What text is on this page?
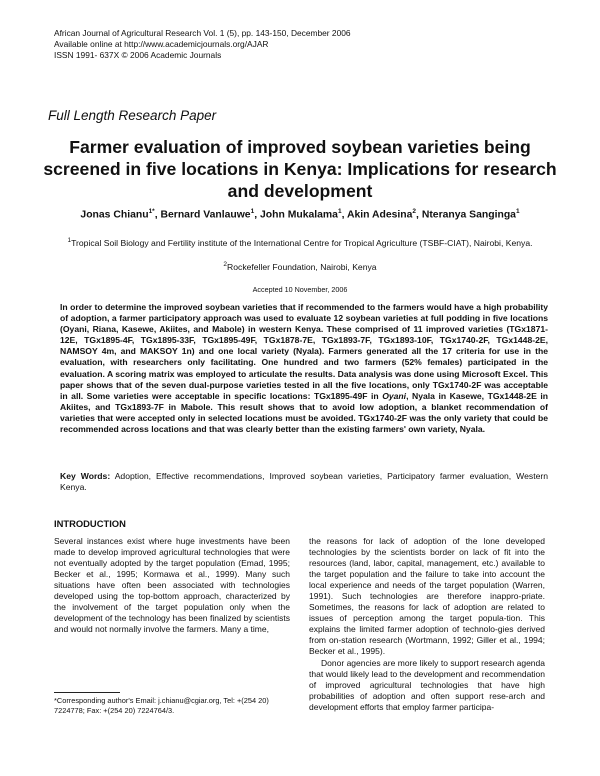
African Journal of Agricultural Research Vol. 1 (5), pp. 143-150, December 2006
Available online at http://www.academicjournals.org/AJAR
ISSN 1991- 637X © 2006 Academic Journals
Full Length Research Paper
Farmer evaluation of improved soybean varieties being screened in five locations in Kenya: Implications for research and development
Jonas Chianu$^{1*}$, Bernard Vanlauwe$^1$, John Mukalama$^1$, Akin Adesina$^2$, Nteranya Sanginga$^1$
$^1$Tropical Soil Biology and Fertility institute of the International Centre for Tropical Agriculture (TSBF-CIAT), Nairobi, Kenya.
$^2$Rockefeller Foundation, Nairobi, Kenya
Accepted 10 November, 2006

In order to determine the improved soybean varieties that if recommended to the farmers would have a high probability of adoption, a farmer participatory approach was used to evaluate 12 soybean varieties at full podding in five locations (Oyani, Riana, Kasewe, Akiites, and Mabole) in western Kenya. These comprised of 11 improved varieties (TGx1871-12E, TGx1895-4F, TGx1895-33F, TGx1895-49F, TGx1878-7E, TGx1893-7F, TGx1893-10F, TGx1740-2F, TGx1448-2E, NAMSOY 4m, and MAKSOY 1n) and one local variety (Nyala). Farmers generated all the 17 criteria for use in the evaluation, with researchers only facilitating. One hundred and two farmers (52% females) participated in the evaluation. A scoring matrix was employed to articulate the results. Data analysis was done using Microsoft Excel. This paper shows that of the seven dual-purpose varieties tested in all the five locations, only TGx1740-2F was acceptable in all. Some varieties were acceptable in specific locations: TGx1895-49F in Oyani, Nyala in Kasewe, TGx1448-2E in Akiites, and TGx1893-7F in Mabole. This result shows that to avoid low adoption, a blanket recommendation of varieties that were accepted only in selected locations must be avoided. TGx1740-2F was the only variety that could be recommended across locations and that was clearly better than the existing farmers' own variety, Nyala.

Key Words: Adoption, Effective recommendations, Improved soybean varieties, Participatory farmer evaluation, Western Kenya.

INTRODUCTION

Several instances exist where huge investments have been made to develop improved agricultural technologies that were not eventually adopted by the target population (Emad, 1995; Becker et al., 1995; Kormawa et al., 1999). Many such situations have often been associated with technologies developed using the top-bottom approach, characterized by the involvement of the target population only when the development of the technology has been finalized by scientists and would not normally involve the farmers. Many a time,

the reasons for lack of adoption of the lone developed technologies by the scientists border on lack of fit into the resources (land, labor, capital, management, etc.) available to the target population and the failure to take into account the local experience and needs of the target population (Warren, 1991). Such technologies are therefore inappro-priate. Sometimes, the reasons for lack of adoption are related to issues of perception among the target popula-tion. This explains the limited farmer adoption of technolo-gies derived from on-station research (Wortmann, 1992; Giller et al., 1994; Becker et al., 1995).

Donor agencies are more likely to support research agenda that would likely lead to the development and recommendation of improved agricultural technologies that have high probabilities of adoption and often support rese-arch and development efforts that employ farmer participa-

*Corresponding author's Email: j.chianu@cgiar.org, Tel: +(254 20) 7224778; Fax: +(254 20) 7224764/3.
